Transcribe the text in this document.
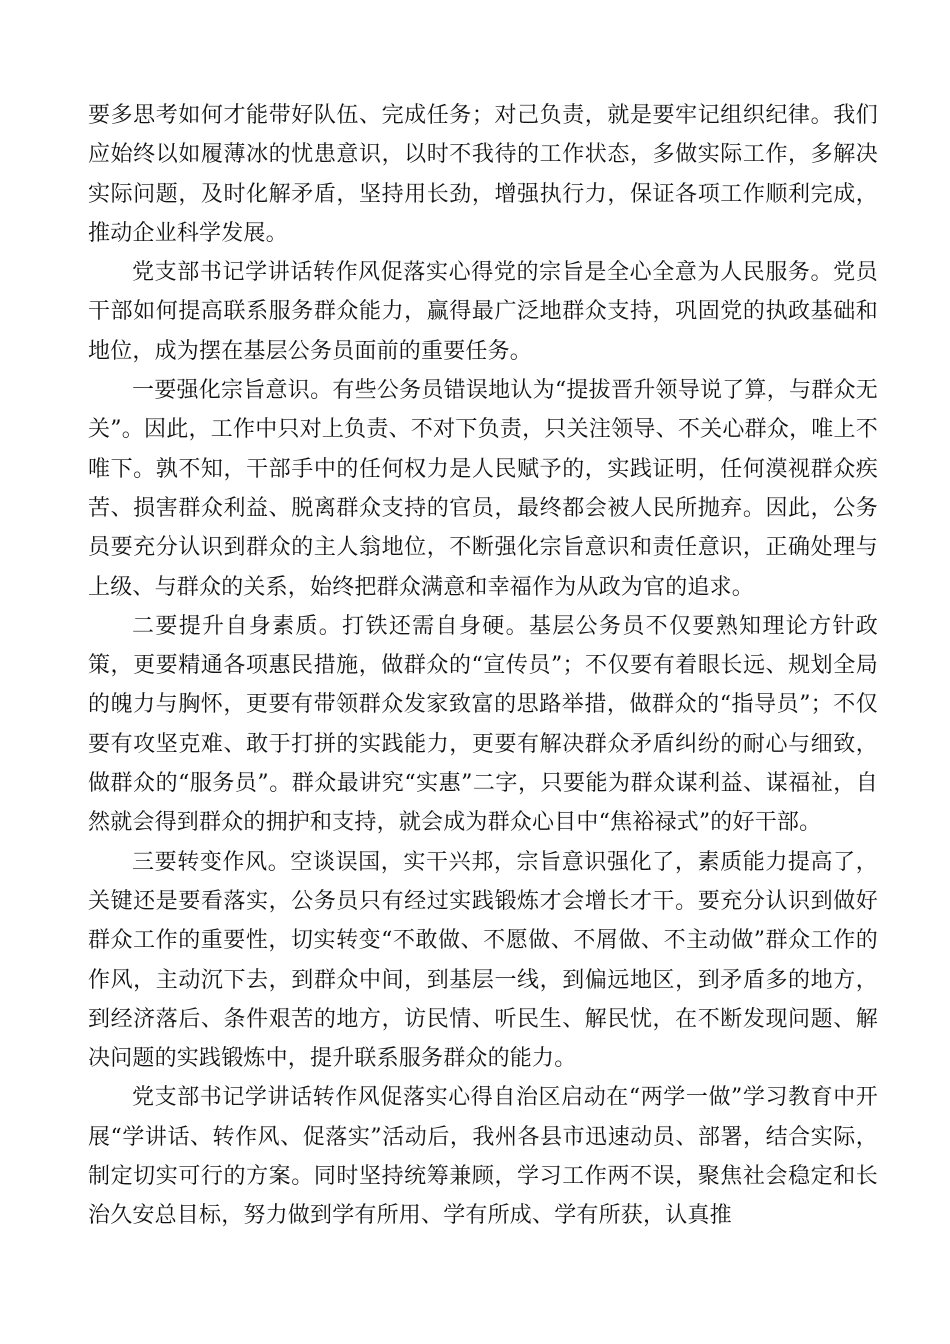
要多思考如何才能带好队伍、完成任务；对己负责，就是要牢记组织纪律。我们应始终以如履薄冰的忧患意识，以时不我待的工作状态，多做实际工作，多解决实际问题，及时化解矛盾，坚持用长劲，增强执行力，保证各项工作顺利完成，推动企业科学发展。

党支部书记学讲话转作风促落实心得党的宗旨是全心全意为人民服务。党员干部如何提高联系服务群众能力，赢得最广泛地群众支持，巩固党的执政基础和地位，成为摆在基层公务员面前的重要任务。

一要强化宗旨意识。有些公务员错误地认为“提拔晋升领导说了算，与群众无关”。因此，工作中只对上负责、不对下负责，只关注领导、不关心群众，唯上不唯下。孰不知，干部手中的任何权力是人民赋予的，实践证明，任何漠视群众疾苦、损害群众利益、脱离群众支持的官员，最终都会被人民所抛弃。因此，公务员要充分认识到群众的主人翁地位，不断强化宗旨意识和责任意识，正确处理与上级、与群众的关系，始终把群众满意和幸福作为从政为官的追求。

二要提升自身素质。打铁还需自身硬。基层公务员不仅要熟知理论方针政策，更要精通各项惠民措施，做群众的“宣传员”；不仅要有着眼长远、规划全局的魄力与胸怀，更要有带领群众发家致富的思路举措，做群众的“指导员”；不仅要有攻坚克难、敢于打拼的实践能力，更要有解决群众矛盾纠纷的耐心与细致，做群众的“服务员”。群众最讲究“实惠”二字，只要能为群众谋利益、谋福祉，自然就会得到群众的拥护和支持，就会成为群众心目中“焦裕禄式”的好干部。

三要转变作风。空谈误国，实干兴邦，宗旨意识强化了，素质能力提高了，关键还是要看落实，公务员只有经过实践锻炼才会增长才干。要充分认识到做好群众工作的重要性，切实转变“不敢做、不愿做、不屑做、不主动做”群众工作的作风，主动沉下去，到群众中间，到基层一线，到偏远地区，到矛盾多的地方，到经济落后、条件艰苦的地方，访民情、听民生、解民忧，在不断发现问题、解决问题的实践锻炼中，提升联系服务群众的能力。

党支部书记学讲话转作风促落实心得自治区启动在“两学一做”学习教育中开展“学讲话、转作风、促落实”活动后，我州各县市迅速动员、部署，结合实际，制定切实可行的方案。同时坚持统筹兼顾，学习工作两不误，聚焦社会稳定和长治久安总目标，努力做到学有所用、学有所成、学有所获，认真推
